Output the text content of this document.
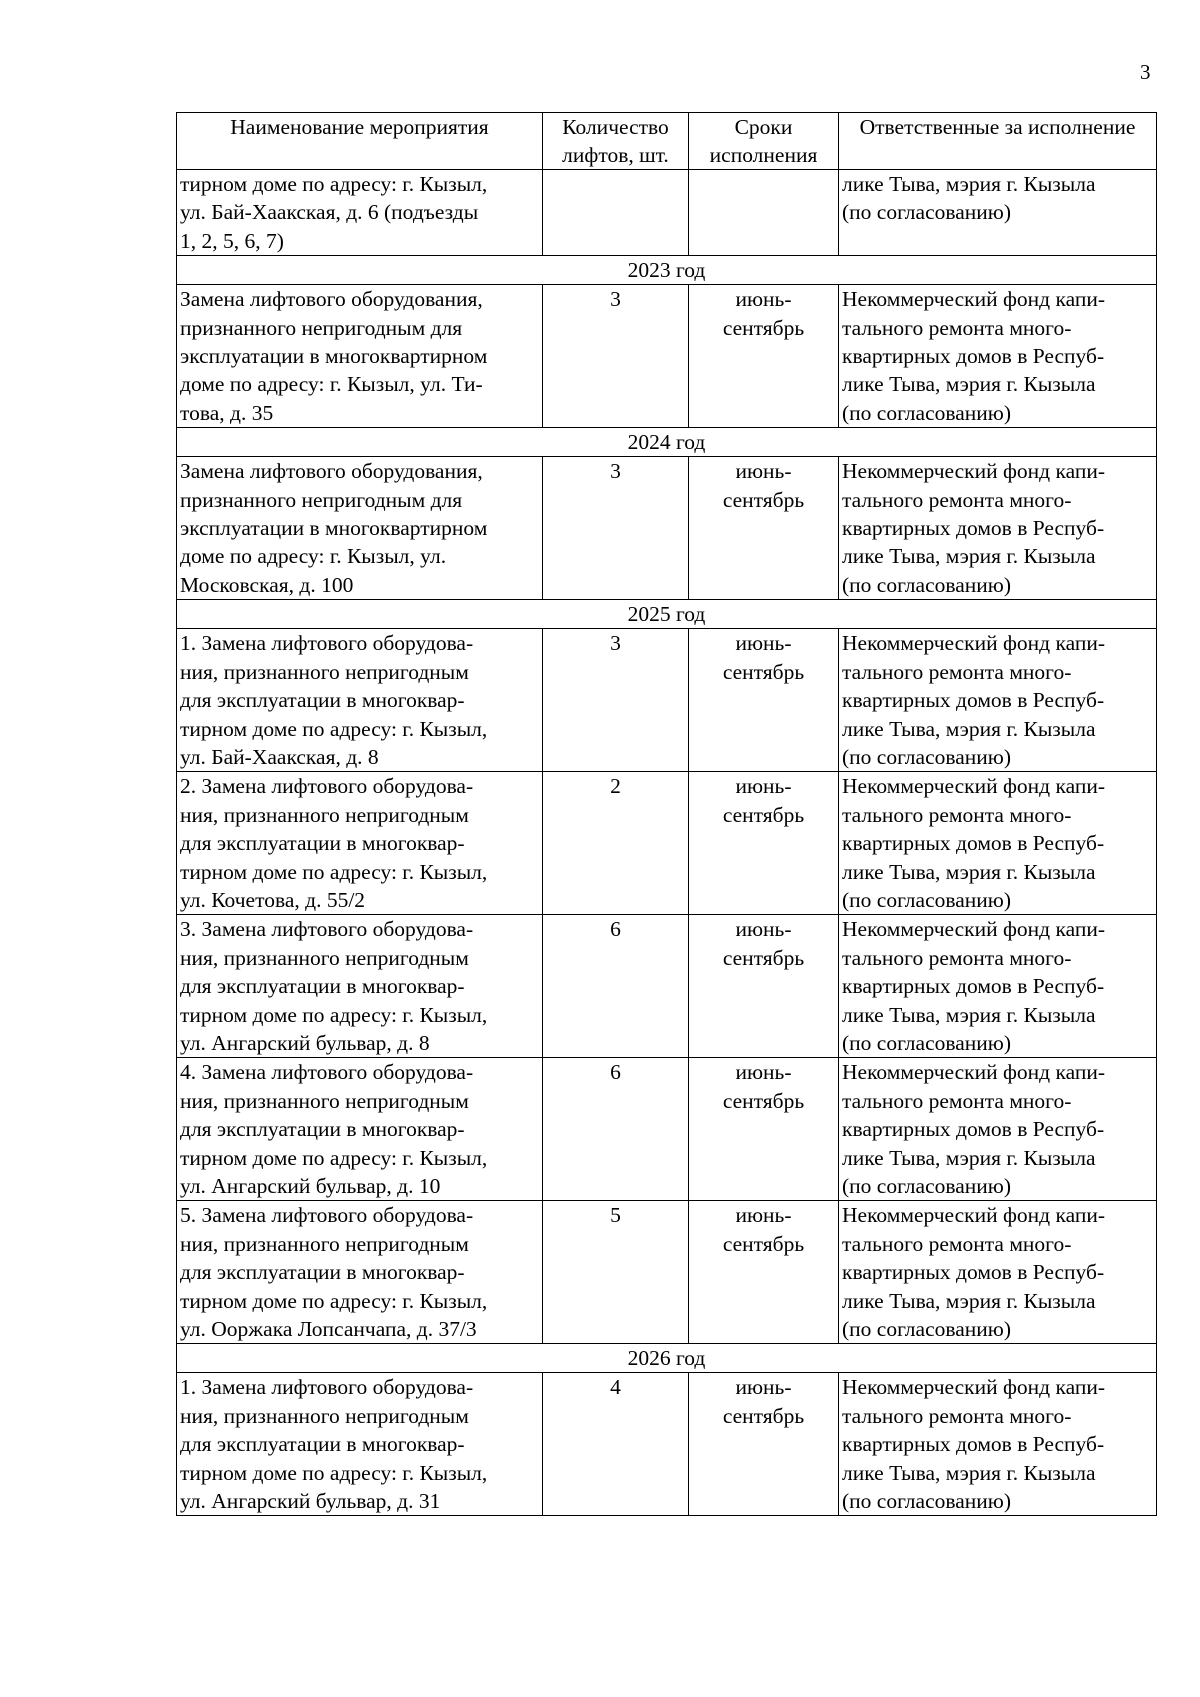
3
Наименование мероприятия	Количество лифтов, шт.	Сроки исполнения	Ответственные за исполнение
тирном доме по адресу: г. Кызыл,
ул. Бай-Хаакская, д. 6 (подъезды
1, 2, 5, 6, 7)			лике Тыва, мэрия г. Кызыла
(по согласованию)
2023 год			
Замена лифтового оборудования,
признанного непригодным для
эксплуатации в многоквартирном
доме по адресу: г. Кызыл, ул. Ти-
това, д. 35	3	июнь-
сентябрь	Некоммерческий фонд капи-
тального ремонта много-
квартирных домов в Респуб-
лике Тыва, мэрия г. Кызыла
(по согласованию)
2024 год			
Замена лифтового оборудования,
признанного непригодным для
эксплуатации в многоквартирном
доме по адресу: г. Кызыл, ул.
Московская, д. 100	3	июнь-
сентябрь	Некоммерческий фонд капи-
тального ремонта много-
квартирных домов в Респуб-
лике Тыва, мэрия г. Кызыла
(по согласованию)
2025 год			
1. Замена лифтового оборудова-
ния, признанного непригодным
для эксплуатации в многоквар-
тирном доме по адресу: г. Кызыл,
ул. Бай-Хаакская, д. 8	3	июнь-
сентябрь	Некоммерческий фонд капи-
тального ремонта много-
квартирных домов в Респуб-
лике Тыва, мэрия г. Кызыла
(по согласованию)
2. Замена лифтового оборудова-
ния, признанного непригодным
для эксплуатации в многоквар-
тирном доме по адресу: г. Кызыл,
ул. Кочетова, д. 55/2	2	июнь-
сентябрь	Некоммерческий фонд капи-
тального ремонта много-
квартирных домов в Респуб-
лике Тыва, мэрия г. Кызыла
(по согласованию)
3. Замена лифтового оборудова-
ния, признанного непригодным
для эксплуатации в многоквар-
тирном доме по адресу: г. Кызыл,
ул. Ангарский бульвар, д. 8	6	июнь-
сентябрь	Некоммерческий фонд капи-
тального ремонта много-
квартирных домов в Респуб-
лике Тыва, мэрия г. Кызыла
(по согласованию)
4. Замена лифтового оборудова-
ния, признанного непригодным
для эксплуатации в многоквар-
тирном доме по адресу: г. Кызыл,
ул. Ангарский бульвар, д. 10	6	июнь-
сентябрь	Некоммерческий фонд капи-
тального ремонта много-
квартирных домов в Респуб-
лике Тыва, мэрия г. Кызыла
(по согласованию)
5. Замена лифтового оборудова-
ния, признанного непригодным
для эксплуатации в многоквар-
тирном доме по адресу: г. Кызыл,
ул. Ооржака Лопсанчапа, д. 37/3	5	июнь-
сентябрь	Некоммерческий фонд капи-
тального ремонта много-
квартирных домов в Респуб-
лике Тыва, мэрия г. Кызыла
(по согласованию)
2026 год			
1. Замена лифтового оборудова-
ния, признанного непригодным
для эксплуатации в многоквар-
тирном доме по адресу: г. Кызыл,
ул. Ангарский бульвар, д. 31	4	июнь-
сентябрь	Некоммерческий фонд капи-
тального ремонта много-
квартирных домов в Респуб-
лике Тыва, мэрия г. Кызыла
(по согласованию)
